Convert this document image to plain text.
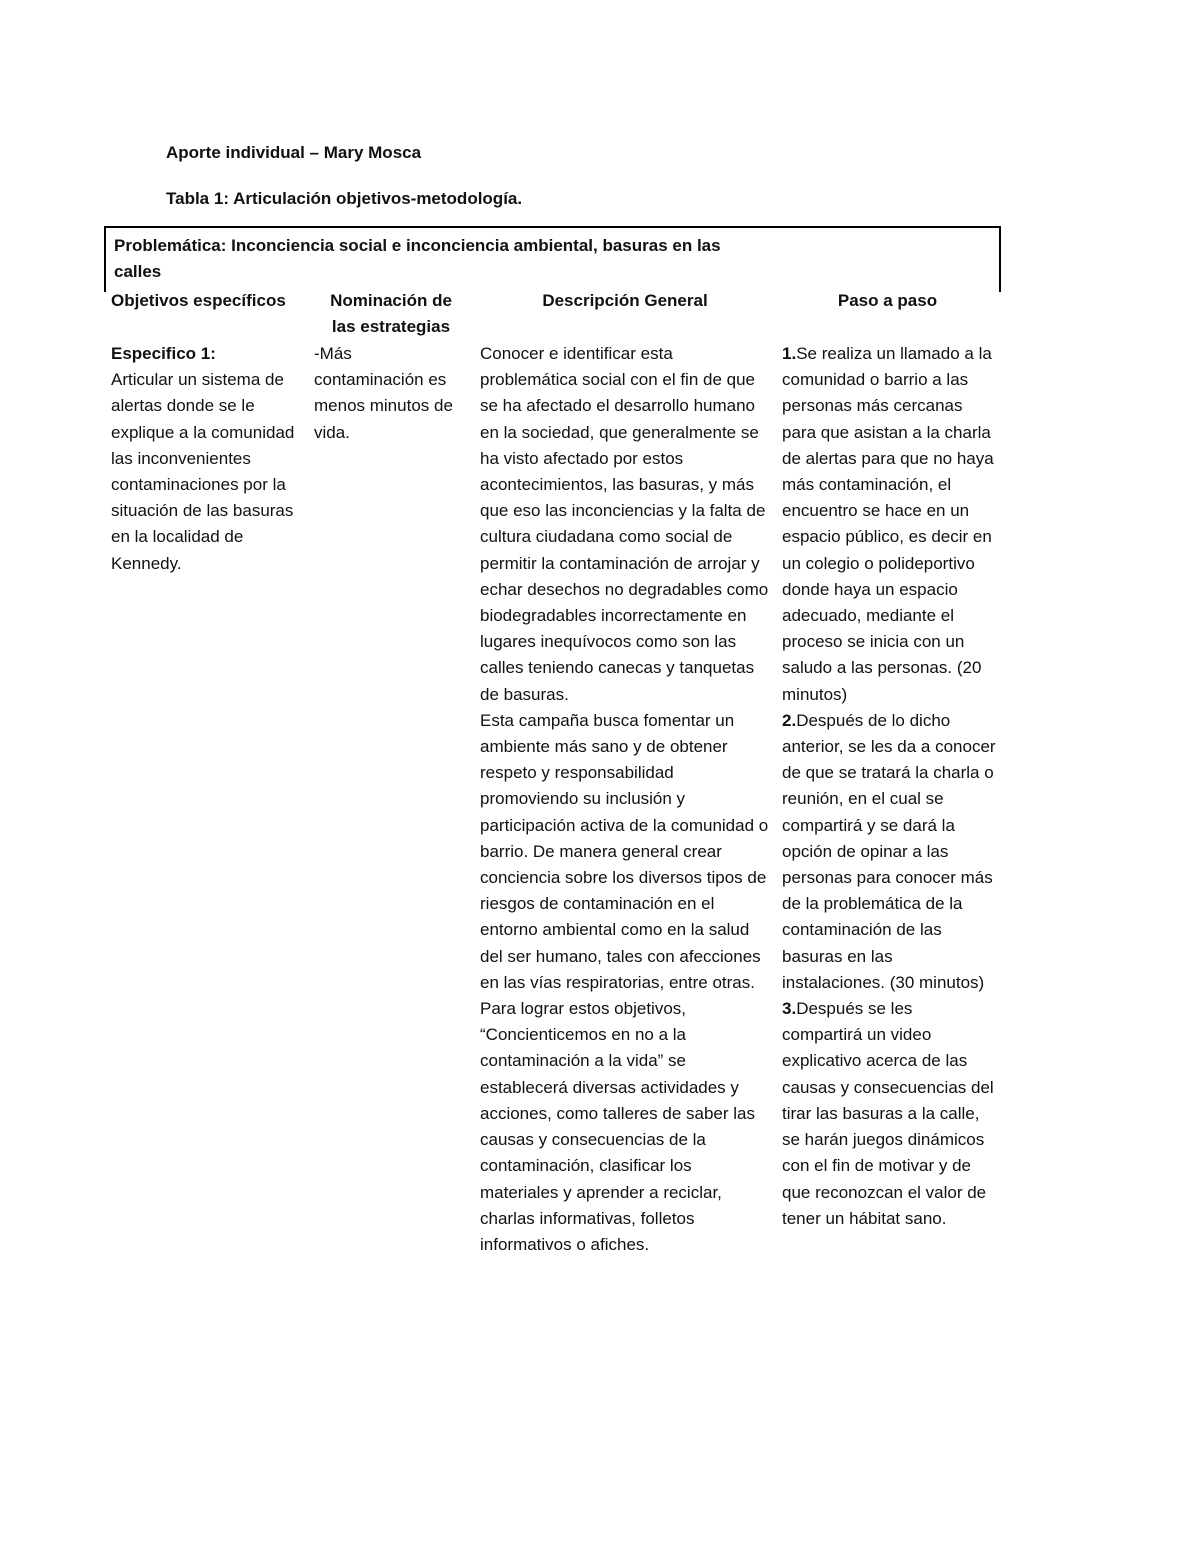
Aporte individual – Mary Mosca
Tabla 1: Articulación objetivos-metodología.
Problemática: Inconciencia social e inconciencia ambiental, basuras en las calles
Objetivos específicos	Nominación de las estrategias
Descripción General	Paso a paso

Especifico 1:

Articular un sistema de alertas donde se le explique a la comunidad las inconvenientes contaminaciones por la situación de las basuras en la localidad de Kennedy.

-Más contaminación es menos minutos de vida.

Conocer e identificar esta problemática social con el fin de que se ha afectado el desarrollo humano en la sociedad, que generalmente se ha visto afectado por estos acontecimientos, las basuras, y más que eso las inconciencias y la falta de cultura ciudadana como social de permitir la contaminación de arrojar y echar desechos no degradables como biodegradables incorrectamente en lugares inequívocos como son las calles teniendo canecas y tanquetas de basuras.

Esta campaña busca fomentar un ambiente más sano y de obtener respeto y responsabilidad promoviendo su inclusión y participación activa de la comunidad o barrio. De manera general crear conciencia sobre los diversos tipos de riesgos de contaminación en el entorno ambiental como en la salud del ser humano, tales con afecciones en las vías respiratorias, entre otras.

Para lograr estos objetivos, “Concienticemos en no a la contaminación a la vida” se establecerá diversas actividades y acciones, como talleres de saber las causas y consecuencias de la contaminación, clasificar los materiales y aprender a reciclar, charlas informativas, folletos informativos o afiches.

1.Se realiza un llamado a la comunidad o barrio a las personas más cercanas para que asistan a la charla de alertas para que no haya más contaminación, el encuentro se hace en un espacio público, es decir en un colegio o polideportivo donde haya un espacio adecuado, mediante el proceso se inicia con un saludo a las personas. (20 minutos)

2.Después de lo dicho anterior, se les da a conocer de que se tratará la charla o reunión, en el cual se compartirá y se dará la opción de opinar a las personas para conocer más de la problemática de la contaminación de las basuras en las instalaciones. (30 minutos)

3.Después se les compartirá un video explicativo acerca de las causas y consecuencias del tirar las basuras a la calle, se harán juegos dinámicos con el fin de motivar y de que reconozcan el valor de tener un hábitat sano.
